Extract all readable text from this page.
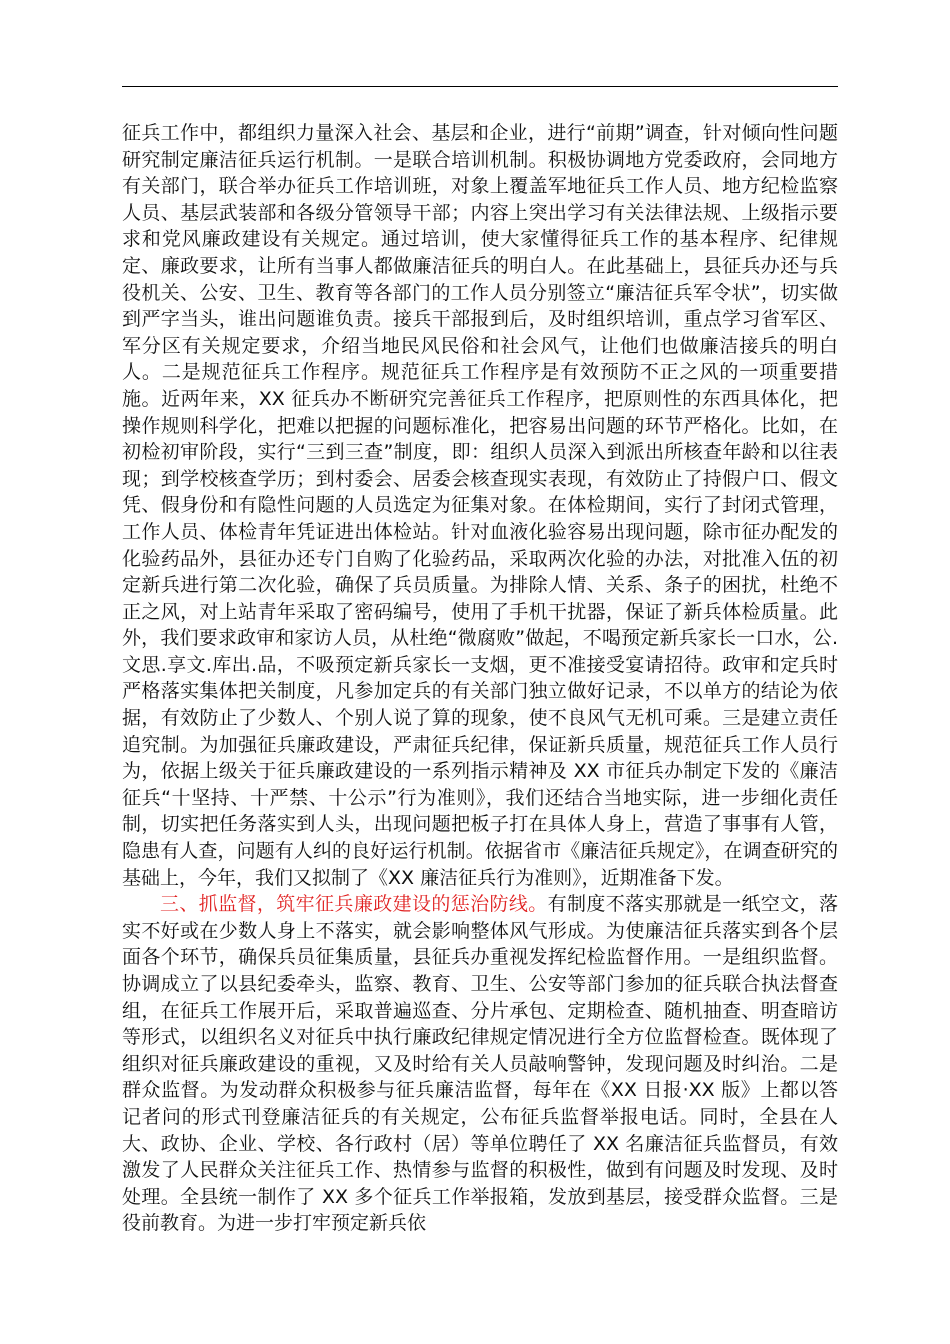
征兵工作中，都组织力量深入社会、基层和企业，进行“前期”调查，针对倾向性问题研究制定廉洁征兵运行机制。一是联合培训机制。积极协调地方党委政府，会同地方有关部门，联合举办征兵工作培训班，对象上覆盖军地征兵工作人员、地方纪检监察人员、基层武装部和各级分管领导干部；内容上突出学习有关法律法规、上级指示要求和党风廉政建设有关规定。通过培训，使大家懂得征兵工作的基本程序、纪律规定、廉政要求，让所有当事人都做廉洁征兵的明白人。在此基础上，县征兵办还与兵役机关、公安、卫生、教育等各部门的工作人员分别签立“廉洁征兵军令状”，切实做到严字当头，谁出问题谁负责。接兵干部报到后，及时组织培训，重点学习省军区、军分区有关规定要求，介绍当地民风民俗和社会风气，让他们也做廉洁接兵的明白人。二是规范征兵工作程序。规范征兵工作程序是有效预防不正之风的一项重要措施。近两年来，XX 征兵办不断研究完善征兵工作程序，把原则性的东西具体化，把操作规则科学化，把难以把握的问题标准化，把容易出问题的环节严格化。比如，在初检初审阶段，实行“三到三查”制度，即：组织人员深入到派出所核查年龄和以往表现；到学校核查学历；到村委会、居委会核查现实表现，有效防止了持假户口、假文凭、假身份和有隐性问题的人员选定为征集对象。在体检期间，实行了封闭式管理，工作人员、体检青年凭证进出体检站。针对血液化验容易出现问题，除市征办配发的化验药品外，县征办还专门自购了化验药品，采取两次化验的办法，对批准入伍的初定新兵进行第二次化验，确保了兵员质量。为排除人情、关系、条子的困扰，杜绝不正之风，对上站青年采取了密码编号，使用了手机干扰器，保证了新兵体检质量。此外，我们要求政审和家访人员，从杜绝“微腐败”做起，不喝预定新兵家长一口水，公.文思.享文.库出.品，不吸预定新兵家长一支烟，更不准接受宴请招待。政审和定兵时严格落实集体把关制度，凡参加定兵的有关部门独立做好记录，不以单方的结论为依据，有效防止了少数人、个别人说了算的现象，使不良风气无机可乘。三是建立责任追究制。为加强征兵廉政建设，严肃征兵纪律，保证新兵质量，规范征兵工作人员行为，依据上级关于征兵廉政建设的一系列指示精神及 XX 市征兵办制定下发的《廉洁征兵“十坚持、十严禁、十公示”行为准则》，我们还结合当地实际，进一步细化责任制，切实把任务落实到人头，出现问题把板子打在具体人身上，营造了事事有人管，隐患有人查，问题有人纠的良好运行机制。依据省市《廉洁征兵规定》，在调查研究的基础上，今年，我们又拟制了《XX 廉洁征兵行为准则》，近期准备下发。

三、抓监督，筑牢征兵廉政建设的惩治防线。有制度不落实那就是一纸空文，落实不好或在少数人身上不落实，就会影响整体风气形成。为使廉洁征兵落实到各个层面各个环节，确保兵员征集质量，县征兵办重视发挥纪检监督作用。一是组织监督。协调成立了以县纪委牵头，监察、教育、卫生、公安等部门参加的征兵联合执法督查组，在征兵工作展开后，采取普遍巡查、分片承包、定期检查、随机抽查、明查暗访等形式，以组织名义对征兵中执行廉政纪律规定情况进行全方位监督检查。既体现了组织对征兵廉政建设的重视，又及时给有关人员敲响警钟，发现问题及时纠治。二是群众监督。为发动群众积极参与征兵廉洁监督，每年在《XX 日报·XX 版》上都以答记者问的形式刊登廉洁征兵的有关规定，公布征兵监督举报电话。同时，全县在人大、政协、企业、学校、各行政村（居）等单位聘任了 XX 名廉洁征兵监督员，有效激发了人民群众关注征兵工作、热情参与监督的积极性，做到有问题及时发现、及时处理。全县统一制作了 XX 多个征兵工作举报箱，发放到基层，接受群众监督。三是役前教育。为进一步打牢预定新兵依
